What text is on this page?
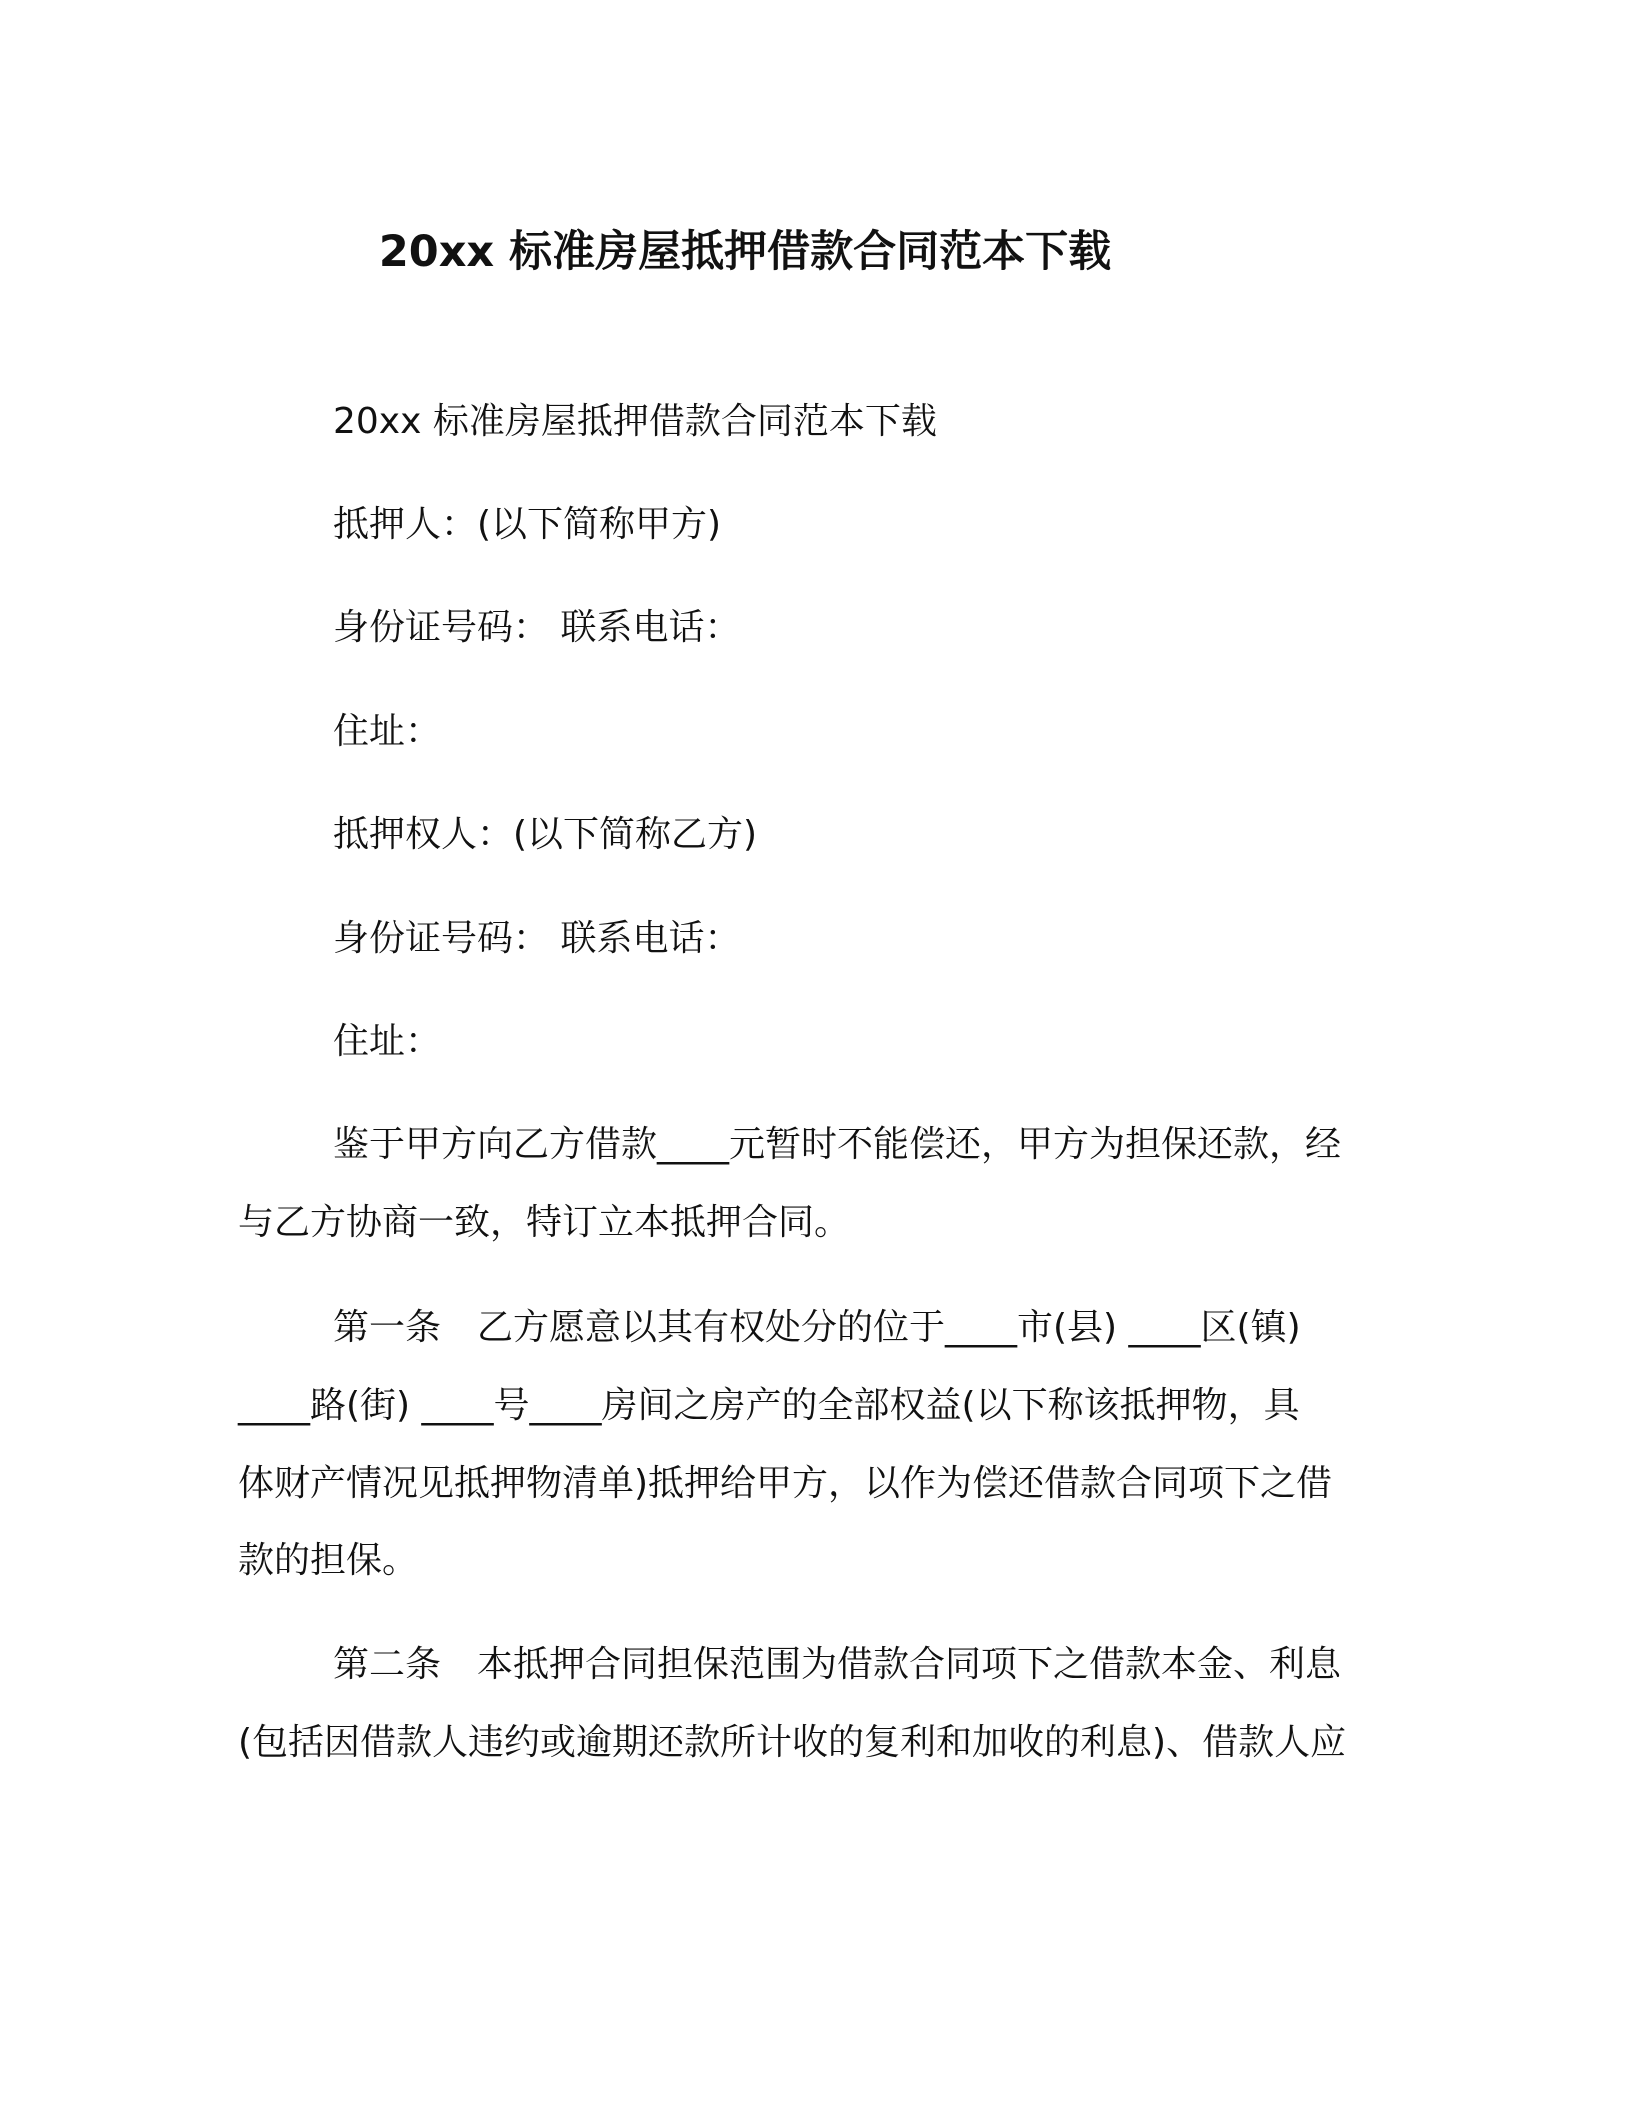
20xx 标准房屋抵押借款合同范本下载
20xx 标准房屋抵押借款合同范本下载
抵押人：(以下简称甲方)
身份证号码： 联系电话：
住址：
抵押权人：(以下简称乙方)
身份证号码： 联系电话：
住址：
鉴于甲方向乙方借款____元暂时不能偿还，甲方为担保还款，经
与乙方协商一致，特订立本抵押合同。
第一条 乙方愿意以其有权处分的位于____市(县) ____区(镇)
____路(街) ____号____房间之房产的全部权益(以下称该抵押物，具
体财产情况见抵押物清单)抵押给甲方，以作为偿还借款合同项下之借
款的担保。
第二条 本抵押合同担保范围为借款合同项下之借款本金、利息
(包括因借款人违约或逾期还款所计收的复利和加收的利息)、借款人应
